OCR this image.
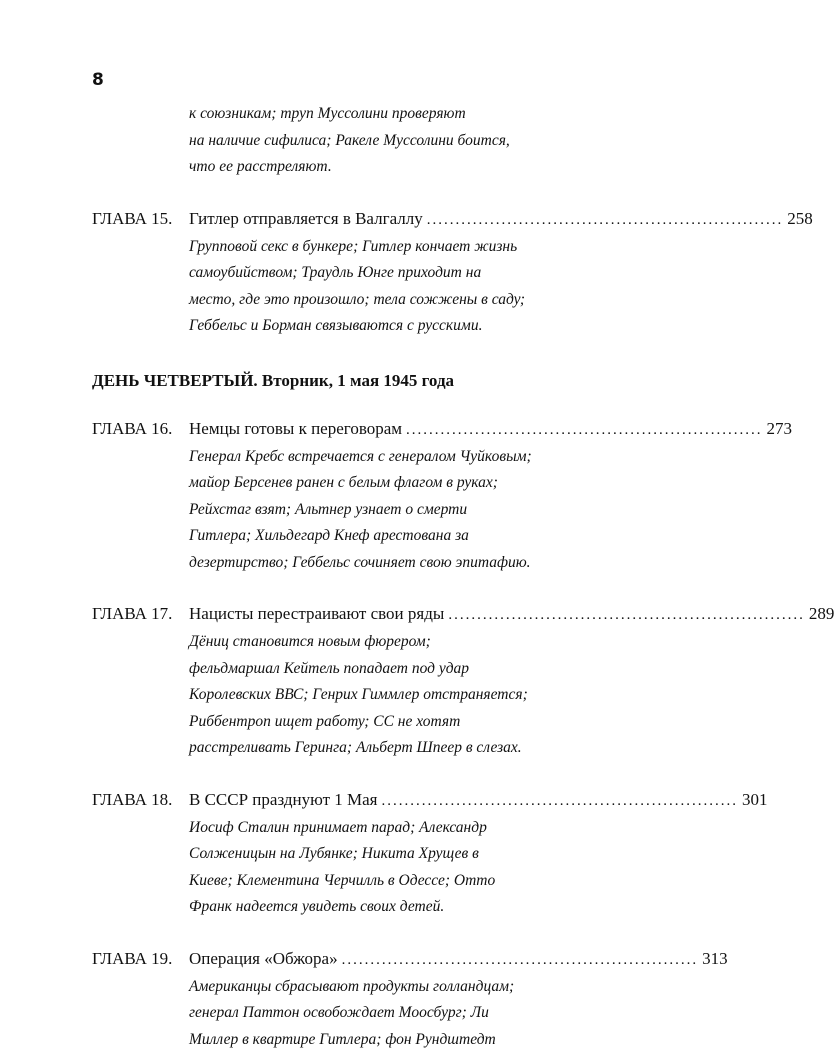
8
к союзникам; труп Муссолини проверяют
на наличие сифилиса; Ракеле Муссолини боится,
что ее расстреляют.
ГЛАВА 15. Гитлер отправляется в Валгаллу .............................................................. 258
Групповой секс в бункере; Гитлер кончает жизнь
самоубийством; Траудль Юнге приходит на
место, где это произошло; тела сожжены в саду;
Геббельс и Борман связываются с русскими.
ДЕНЬ ЧЕТВЕРТЫЙ. Вторник, 1 мая 1945 года
ГЛАВА 16. Немцы готовы к переговорам .............................................................. 273
Генерал Кребс встречается с генералом Чуйковым;
майор Берсенев ранен с белым флагом в руках;
Рейхстаг взят; Альтнер узнает о смерти
Гитлера; Хильдегард Кнеф арестована за
дезертирство; Геббельс сочиняет свою эпитафию.
ГЛАВА 17. Нацисты перестраивают свои ряды .............................................................. 289
Дёниц становится новым фюрером;
фельдмаршал Кейтель попадает под удар
Королевских ВВС; Генрих Гиммлер отстраняется;
Риббентроп ищет работу; СС не хотят
расстреливать Геринга; Альберт Шпеер в слезах.
ГЛАВА 18. В СССР празднуют 1 Мая .............................................................. 301
Иосиф Сталин принимает парад; Александр
Солженицын на Лубянке; Никита Хрущев в
Киеве; Клементина Черчилль в Одессе; Отто
Франк надеется увидеть своих детей.
ГЛАВА 19. Операция «Обжора» .............................................................. 313
Американцы сбрасывают продукты голландцам;
генерал Паттон освобождает Моосбург; Ли
Миллер в квартире Гитлера; фон Рундштедт
